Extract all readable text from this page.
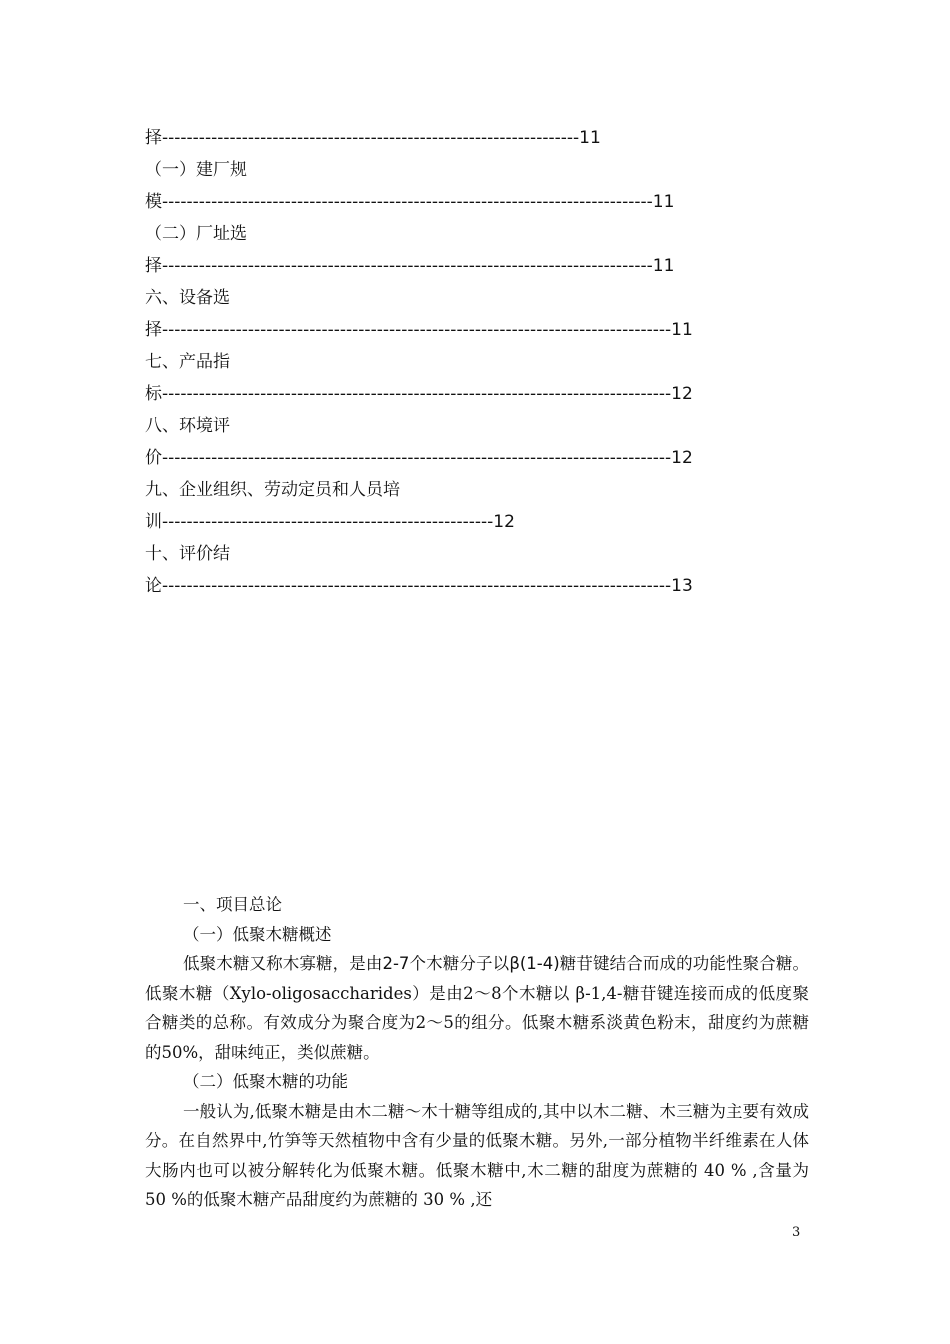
择--------------------------------------------------------------------11
（一）建厂规
模--------------------------------------------------------------------------------11
（二）厂址选
择--------------------------------------------------------------------------------11
六、设备选
择-----------------------------------------------------------------------------------11
七、产品指
标-----------------------------------------------------------------------------------12
八、环境评
价-----------------------------------------------------------------------------------12
九、企业组织、劳动定员和人员培
训------------------------------------------------------12
十、评价结
论-----------------------------------------------------------------------------------13

一、项目总论

（一）低聚木糖概述

低聚木糖又称木寡糖，是由2-7个木糖分子以β(1-4)糖苷键结合而成的功能性聚合糖。 低聚木糖（Xylo-oligosaccharides）是由2～8个木糖以 β-1,4-糖苷键连接而成的低度聚合糖类的总称。有效成分为聚合度为2～5的组分。低聚木糖系淡黄色粉末，甜度约为蔗糖的50%，甜味纯正，类似蔗糖。

（二）低聚木糖的功能

一般认为,低聚木糖是由木二糖～木十糖等组成的,其中以木二糖、木三糖为主要有效成分。在自然界中,竹笋等天然植物中含有少量的低聚木糖。另外,一部分植物半纤维素在人体大肠内也可以被分解转化为低聚木糖。低聚木糖中,木二糖的甜度为蔗糖的 40 % ,含量为 50 %的低聚木糖产品甜度约为蔗糖的 30 % ,还

3
